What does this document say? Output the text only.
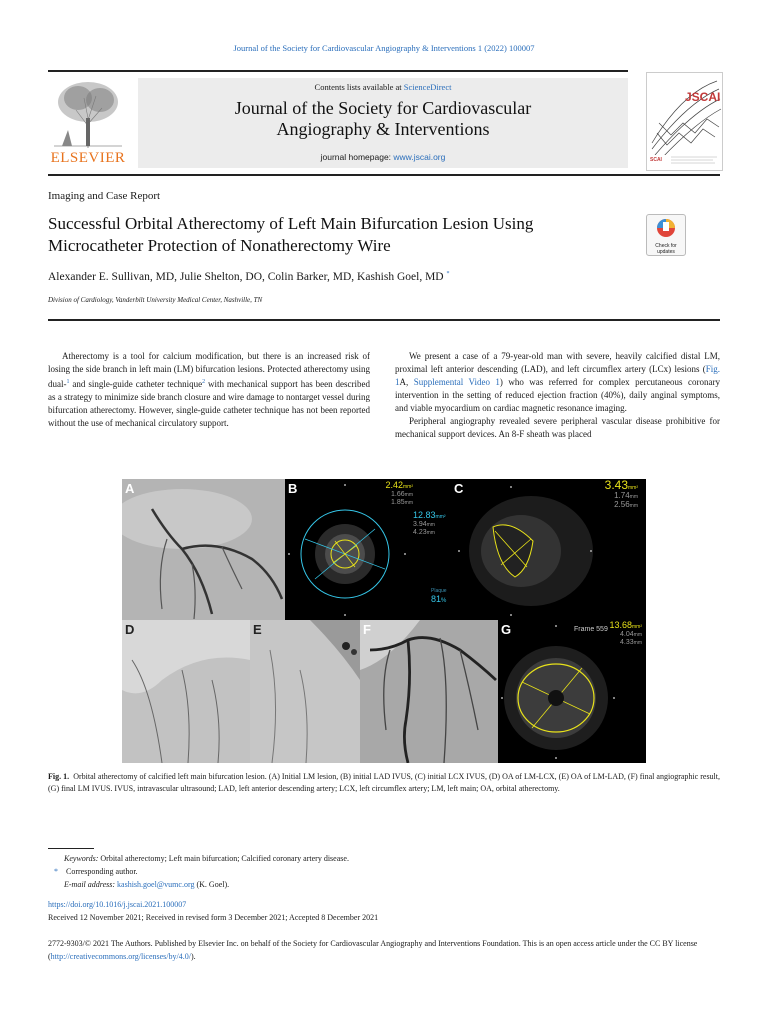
Journal of the Society for Cardiovascular Angiography & Interventions 1 (2022) 100007
ELSEVIER
Contents lists available at ScienceDirect
Journal of the Society for Cardiovascular
Angiography & Interventions
journal homepage: www.jscai.org
JSCAI
SCAI
Imaging and Case Report
Successful Orbital Atherectomy of Left Main Bifurcation Lesion Using
Microcatheter Protection of Nonatherectomy Wire	Check for updates
Alexander E. Sullivan, MD, Julie Shelton, DO, Colin Barker, MD, Kashish Goel, MD *
Division of Cardiology, Vanderbilt University Medical Center, Nashville, TN

Atherectomy is a tool for calcium modification, but there is an increased risk of losing the side branch in left main (LM) bifurcation lesions. Protected atherectomy using dual-$^1$ and single-guide catheter technique$^2$ with mechanical support has been described as a strategy to minimize side branch closure and wire damage to nontarget vessel during bifurcation atherectomy. However, single-guide catheter technique has not been reported without the use of mechanical circulatory support.

We present a case of a 79-year-old man with severe, heavily calcified distal LM, proximal left anterior descending (LAD), and left circumflex artery (LCx) lesions (Fig. 1A, Supplemental Video 1) who was referred for complex percutaneous coronary intervention in the setting of reduced ejection fraction (40%), daily anginal symptoms, and viable myocardium on cardiac magnetic resonance imaging.

Peripheral angiography revealed severe peripheral vascular disease prohibitive for mechanical support devices. An 8-F sheath was placed

A	B	2.42mm²
1.66mm
1.85mm
12.83mm²
3.94mm
4.23mm
Plaque
81%
C	3.43mm²
1.74mm
2.56mm
D	E	F	G	Frame 559 13.68mm²
4.04mm
4.33mm
Fig. 1. Orbital atherectomy of calcified left main bifurcation lesion. (A) Initial LM lesion, (B) initial LAD IVUS, (C) initial LCX IVUS, (D) OA of LM-LCX, (E) OA of LM-LAD, (F) final angiographic result, (G) final LM IVUS. IVUS, intravascular ultrasound; LAD, left anterior descending artery; LCX, left circumflex artery; LM, left main; OA, orbital atherectomy.
Keywords: Orbital atherectomy; Left main bifurcation; Calcified coronary artery disease.
* Corresponding author.
E-mail address: kashish.goel@vumc.org (K. Goel).
https://doi.org/10.1016/j.jscai.2021.100007
Received 12 November 2021; Received in revised form 3 December 2021; Accepted 8 December 2021
2772-9303/© 2021 The Authors. Published by Elsevier Inc. on behalf of the Society for Cardiovascular Angiography and Interventions Foundation. This is an open access article under the CC BY license (http://creativecommons.org/licenses/by/4.0/).
